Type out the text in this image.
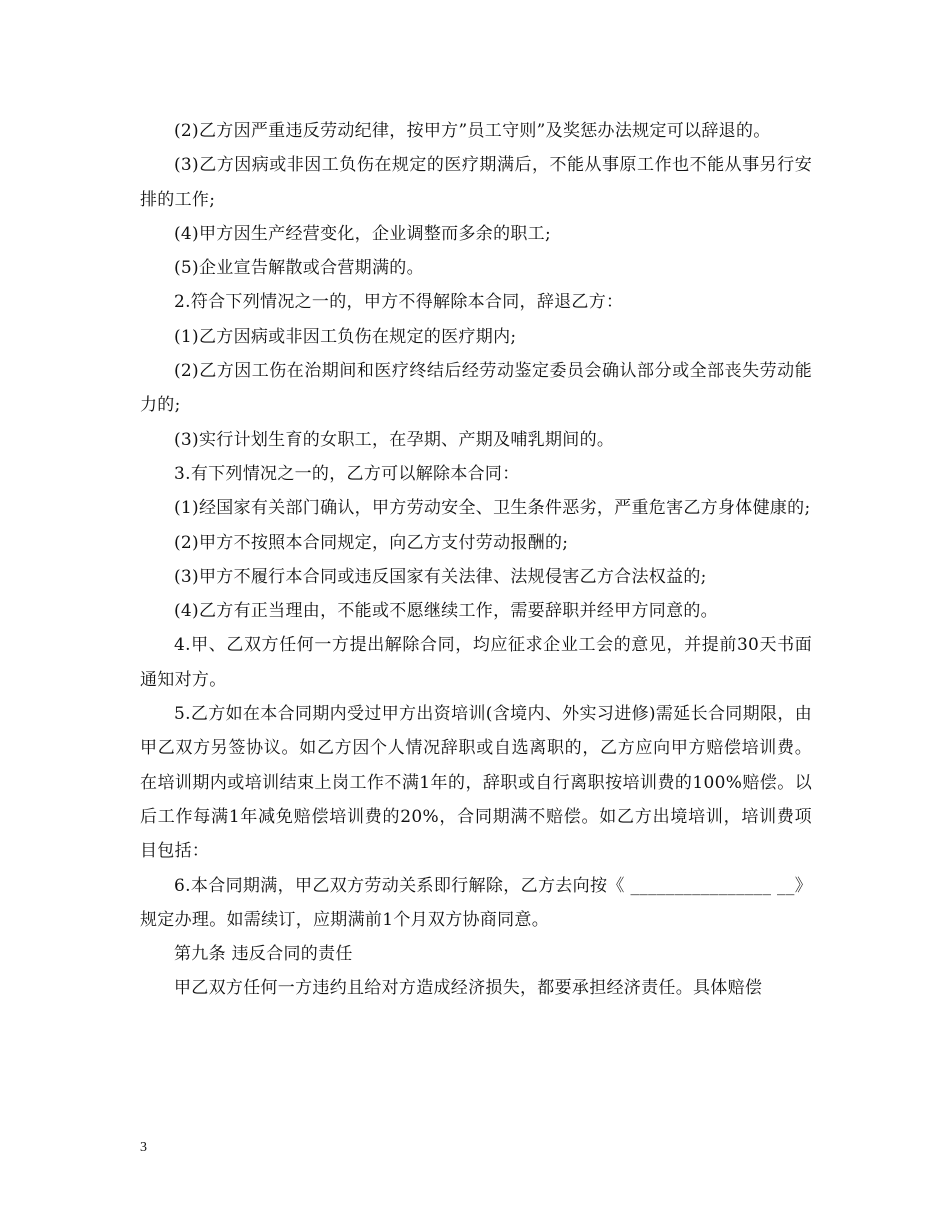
(2)乙方因严重违反劳动纪律，按甲方”员工守则”及奖惩办法规定可以辞退的。

(3)乙方因病或非因工负伤在规定的医疗期满后，不能从事原工作也不能从事另行安排的工作;

(4)甲方因生产经营变化，企业调整而多余的职工;

(5)企业宣告解散或合营期满的。

2.符合下列情况之一的，甲方不得解除本合同，辞退乙方：

(1)乙方因病或非因工负伤在规定的医疗期内;

(2)乙方因工伤在治期间和医疗终结后经劳动鉴定委员会确认部分或全部丧失劳动能力的;

(3)实行计划生育的女职工，在孕期、产期及哺乳期间的。

3.有下列情况之一的，乙方可以解除本合同：

(1)经国家有关部门确认，甲方劳动安全、卫生条件恶劣，严重危害乙方身体健康的;

(2)甲方不按照本合同规定，向乙方支付劳动报酬的;

(3)甲方不履行本合同或违反国家有关法律、法规侵害乙方合法权益的;

(4)乙方有正当理由，不能或不愿继续工作，需要辞职并经甲方同意的。

4.甲、乙双方任何一方提出解除合同，均应征求企业工会的意见，并提前30天书面通知对方。

5.乙方如在本合同期内受过甲方出资培训(含境内、外实习进修)需延长合同期限，由甲乙双方另签协议。如乙方因个人情况辞职或自选离职的，乙方应向甲方赔偿培训费。在培训期内或培训结束上岗工作不满1年的，辞职或自行离职按培训费的100%赔偿。以后工作每满1年减免赔偿培训费的20%，合同期满不赔偿。如乙方出境培训，培训费项目包括：

6.本合同期满，甲乙双方劳动关系即行解除，乙方去向按《 ________________ __》规定办理。如需续订，应期满前1个月双方协商同意。

第九条 违反合同的责任

甲乙双方任何一方违约且给对方造成经济损失，都要承担经济责任。具体赔偿

3
